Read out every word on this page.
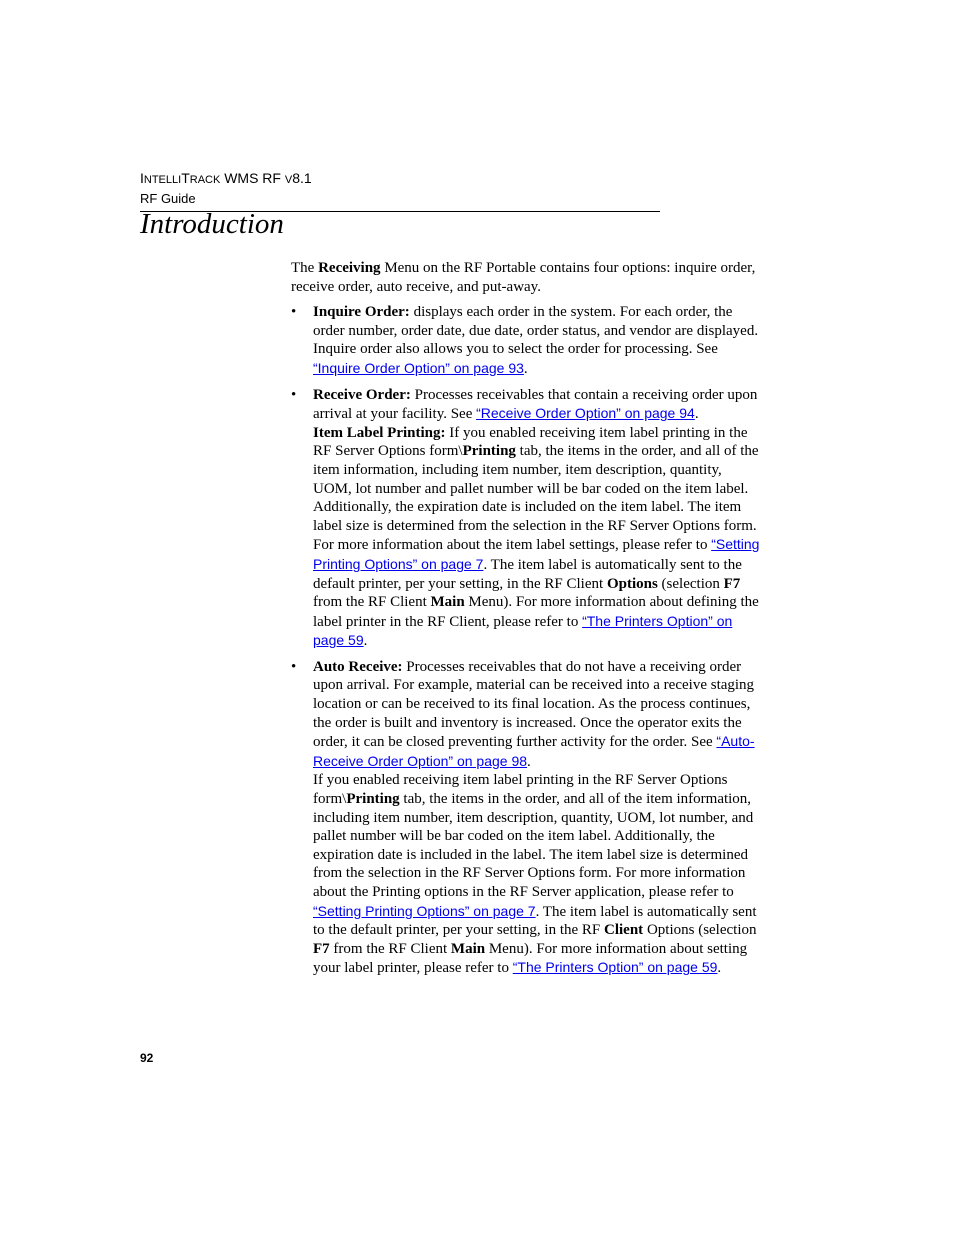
INTELLITRACK WMS RF V8.1
RF Guide
Introduction

The Receiving Menu on the RF Portable contains four options: inquire order, receive order, auto receive, and put-away.

• Inquire Order: displays each order in the system. For each order, the order number, order date, due date, order status, and vendor are displayed. Inquire order also allows you to select the order for processing. See “Inquire Order Option” on page 93.
• Receive Order: Processes receivables that contain a receiving order upon arrival at your facility. See “Receive Order Option” on page 94.

Item Label Printing: If you enabled receiving item label printing in the RF Server Options form\Printing tab, the items in the order, and all of the item information, including item number, item description, quantity, UOM, lot number and pallet number will be bar coded on the item label. Additionally, the expiration date is included on the item label. The item label size is determined from the selection in the RF Server Options form. For more information about the item label settings, please refer to “Setting Printing Options” on page 7. The item label is automatically sent to the default printer, per your setting, in the RF Client Options (selection F7 from the RF Client Main Menu). For more information about defining the label printer in the RF Client, please refer to “The Printers Option” on page 59.

• Auto Receive: Processes receivables that do not have a receiving order upon arrival. For example, material can be received into a receive staging location or can be received to its final location. As the process continues, the order is built and inventory is increased. Once the operator exits the order, it can be closed preventing further activity for the order. See “Auto-Receive Order Option” on page 98.

If you enabled receiving item label printing in the RF Server Options form\Printing tab, the items in the order, and all of the item information, including item number, item description, quantity, UOM, lot number, and pallet number will be bar coded on the item label. Additionally, the expiration date is included in the label. The item label size is determined from the selection in the RF Server Options form. For more information about the Printing options in the RF Server application, please refer to “Setting Printing Options” on page 7. The item label is automatically sent to the default printer, per your setting, in the RF Client Options (selection F7 from the RF Client Main Menu). For more information about setting your label printer, please refer to “The Printers Option” on page 59.

92
